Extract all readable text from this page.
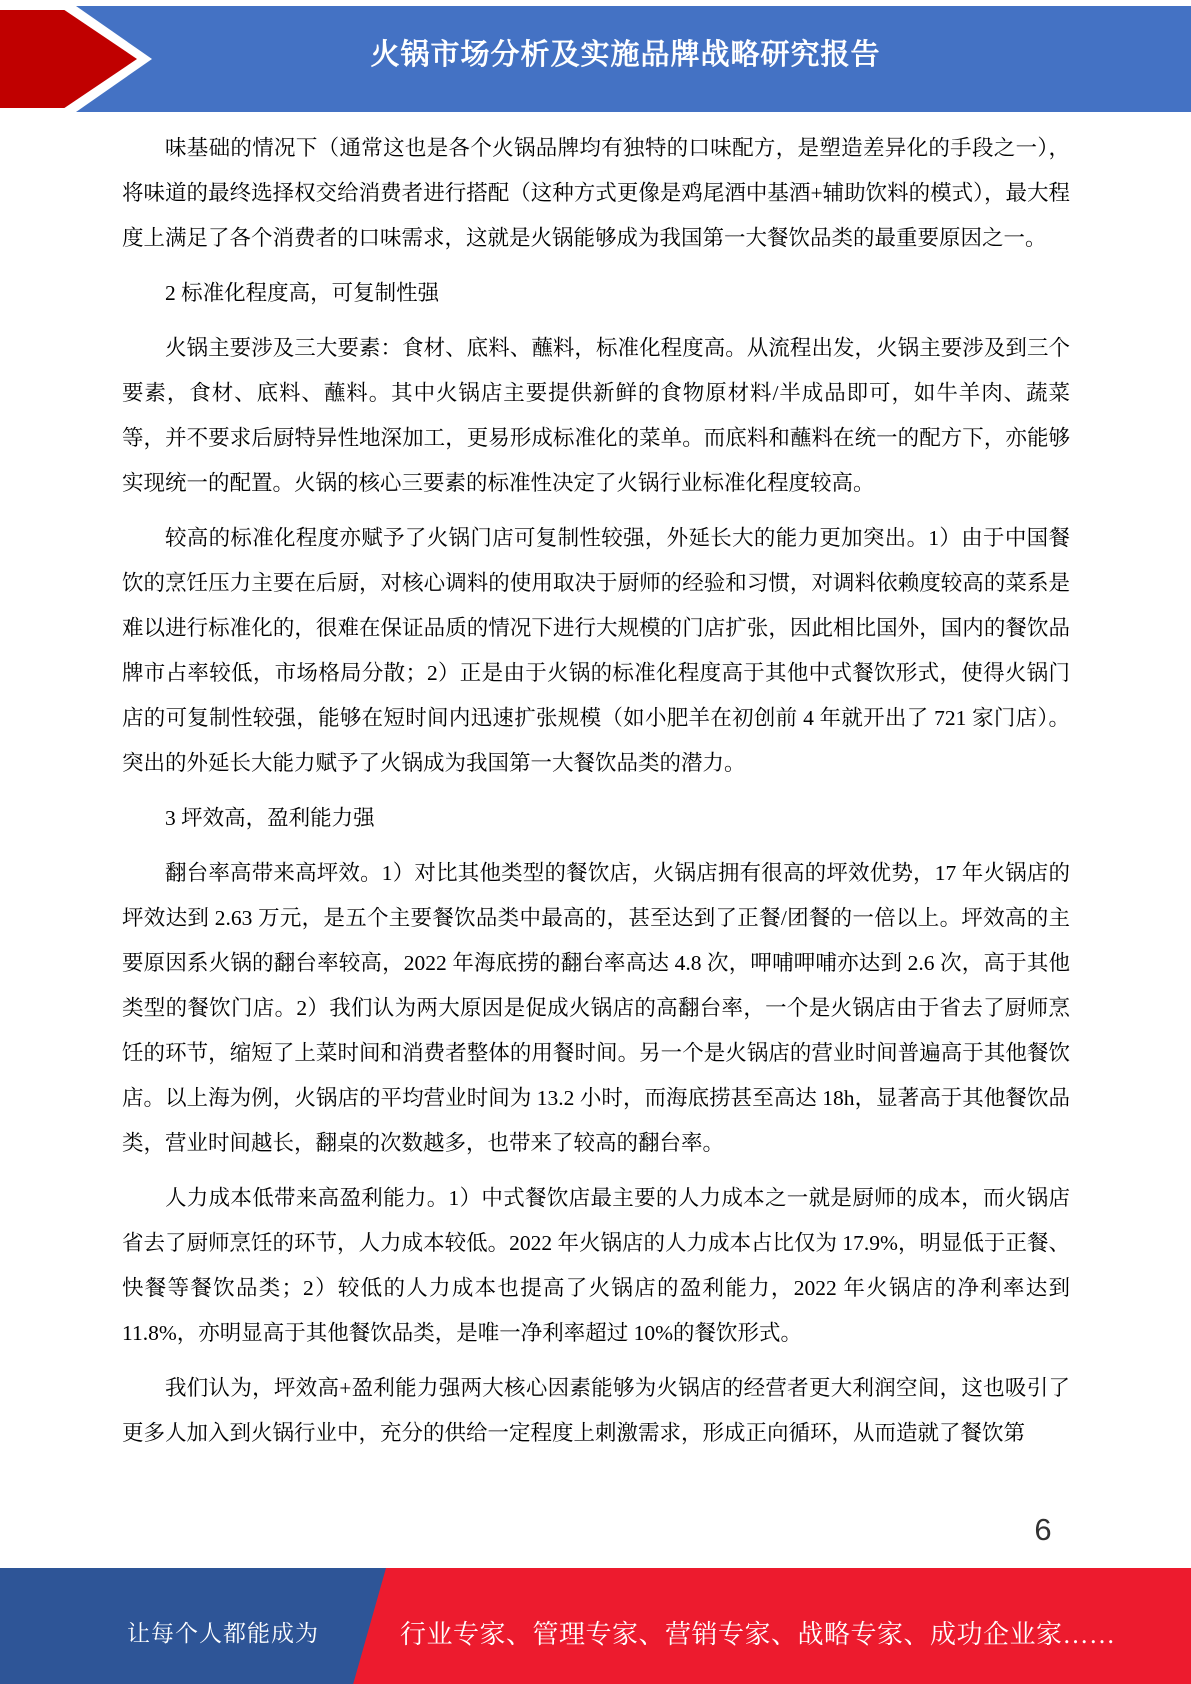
火锅市场分析及实施品牌战略研究报告

味基础的情况下（通常这也是各个火锅品牌均有独特的口味配方，是塑造差异化的手段之一），将味道的最终选择权交给消费者进行搭配（这种方式更像是鸡尾酒中基酒+辅助饮料的模式），最大程度上满足了各个消费者的口味需求，这就是火锅能够成为我国第一大餐饮品类的最重要原因之一。

2 标准化程度高，可复制性强

火锅主要涉及三大要素：食材、底料、蘸料，标准化程度高。从流程出发，火锅主要涉及到三个要素，食材、底料、蘸料。其中火锅店主要提供新鲜的食物原材料/半成品即可，如牛羊肉、蔬菜等，并不要求后厨特异性地深加工，更易形成标准化的菜单。而底料和蘸料在统一的配方下，亦能够实现统一的配置。火锅的核心三要素的标准性决定了火锅行业标准化程度较高。

较高的标准化程度亦赋予了火锅门店可复制性较强，外延长大的能力更加突出。1）由于中国餐饮的烹饪压力主要在后厨，对核心调料的使用取决于厨师的经验和习惯，对调料依赖度较高的菜系是难以进行标准化的，很难在保证品质的情况下进行大规模的门店扩张，因此相比国外，国内的餐饮品牌市占率较低，市场格局分散；2）正是由于火锅的标准化程度高于其他中式餐饮形式，使得火锅门店的可复制性较强，能够在短时间内迅速扩张规模（如小肥羊在初创前 4 年就开出了 721 家门店）。突出的外延长大能力赋予了火锅成为我国第一大餐饮品类的潜力。

3 坪效高，盈利能力强

翻台率高带来高坪效。1）对比其他类型的餐饮店，火锅店拥有很高的坪效优势，17 年火锅店的坪效达到 2.63 万元，是五个主要餐饮品类中最高的，甚至达到了正餐/团餐的一倍以上。坪效高的主要原因系火锅的翻台率较高，2022 年海底捞的翻台率高达 4.8 次，呷哺呷哺亦达到 2.6 次，高于其他类型的餐饮门店。2）我们认为两大原因是促成火锅店的高翻台率，一个是火锅店由于省去了厨师烹饪的环节，缩短了上菜时间和消费者整体的用餐时间。另一个是火锅店的营业时间普遍高于其他餐饮店。以上海为例，火锅店的平均营业时间为 13.2 小时，而海底捞甚至高达 18h，显著高于其他餐饮品类，营业时间越长，翻桌的次数越多，也带来了较高的翻台率。

人力成本低带来高盈利能力。1）中式餐饮店最主要的人力成本之一就是厨师的成本，而火锅店省去了厨师烹饪的环节，人力成本较低。2022 年火锅店的人力成本占比仅为 17.9%，明显低于正餐、快餐等餐饮品类；2）较低的人力成本也提高了火锅店的盈利能力，2022 年火锅店的净利率达到 11.8%，亦明显高于其他餐饮品类，是唯一净利率超过 10%的餐饮形式。

我们认为，坪效高+盈利能力强两大核心因素能够为火锅店的经营者更大利润空间，这也吸引了更多人加入到火锅行业中，充分的供给一定程度上刺激需求，形成正向循环，从而造就了餐饮第

6
让每个人都能成为	行业专家、管理专家、营销专家、战略专家、成功企业家……
